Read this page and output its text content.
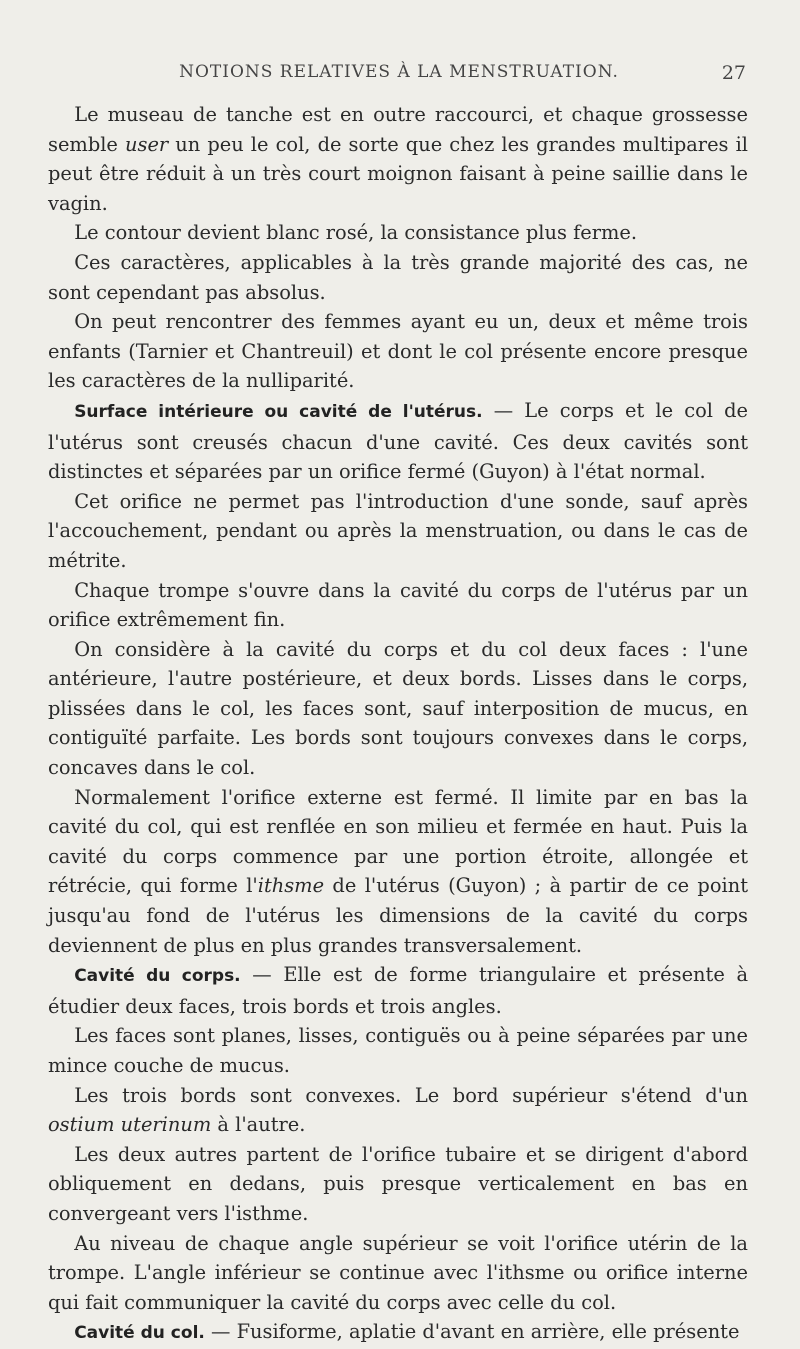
NOTIONS RELATIVES À LA MENSTRUATION.	27

Le museau de tanche est en outre raccourci, et chaque grossesse semble user un peu le col, de sorte que chez les grandes multipares il peut être réduit à un très court moignon faisant à peine saillie dans le vagin.

Le contour devient blanc rosé, la consistance plus ferme.

Ces caractères, applicables à la très grande majorité des cas, ne sont cependant pas absolus.

On peut rencontrer des femmes ayant eu un, deux et même trois enfants (Tarnier et Chantreuil) et dont le col présente encore presque les caractères de la nulliparité.

Surface intérieure ou cavité de l'utérus. — Le corps et le col de l'utérus sont creusés chacun d'une cavité. Ces deux cavités sont distinctes et séparées par un orifice fermé (Guyon) à l'état normal.

Cet orifice ne permet pas l'introduction d'une sonde, sauf après l'accouchement, pendant ou après la menstruation, ou dans le cas de métrite.

Chaque trompe s'ouvre dans la cavité du corps de l'utérus par un orifice extrêmement fin.

On considère à la cavité du corps et du col deux faces : l'une antérieure, l'autre postérieure, et deux bords. Lisses dans le corps, plissées dans le col, les faces sont, sauf interposition de mucus, en contiguïté parfaite. Les bords sont toujours convexes dans le corps, concaves dans le col.

Normalement l'orifice externe est fermé. Il limite par en bas la cavité du col, qui est renflée en son milieu et fermée en haut. Puis la cavité du corps commence par une portion étroite, allongée et rétrécie, qui forme l'ithsme de l'utérus (Guyon) ; à partir de ce point jusqu'au fond de l'utérus les dimensions de la cavité du corps deviennent de plus en plus grandes transversalement.

Cavité du corps. — Elle est de forme triangulaire et présente à étudier deux faces, trois bords et trois angles.

Les faces sont planes, lisses, contiguës ou à peine séparées par une mince couche de mucus.

Les trois bords sont convexes. Le bord supérieur s'étend d'un ostium uterinum à l'autre.

Les deux autres partent de l'orifice tubaire et se dirigent d'abord obliquement en dedans, puis presque verticalement en bas en convergeant vers l'isthme.

Au niveau de chaque angle supérieur se voit l'orifice utérin de la trompe. L'angle inférieur se continue avec l'ithsme ou orifice interne qui fait communiquer la cavité du corps avec celle du col.

Cavité du col. — Fusiforme, aplatie d'avant en arrière, elle présente
